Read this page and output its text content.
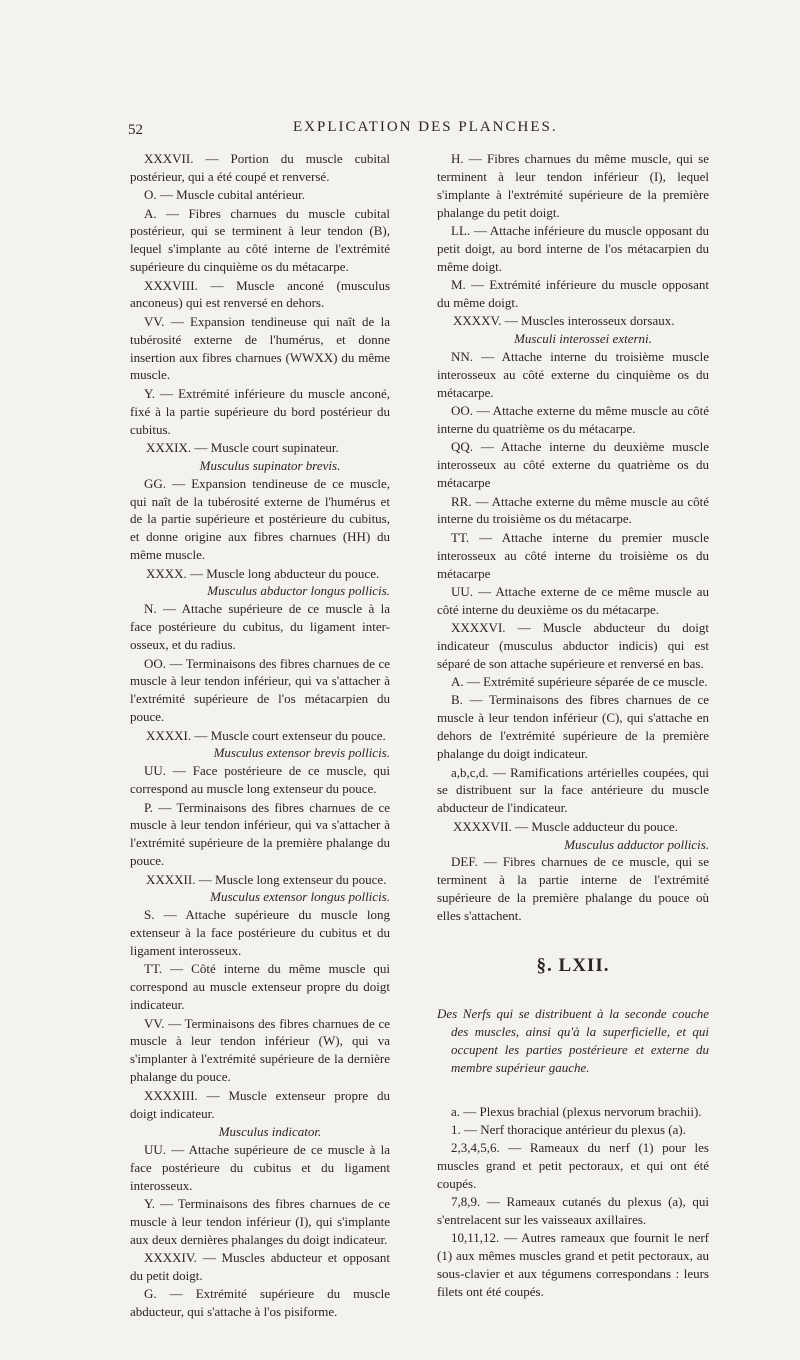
52	EXPLICATION DES PLANCHES.

XXXVII. — Portion du muscle cubital postérieur, qui a été coupé et renversé.

O. — Muscle cubital antérieur.

A. — Fibres charnues du muscle cubital postérieur, qui se terminent à leur tendon (B), lequel s'implante au côté interne de l'extrémité supérieure du cinquième os du métacarpe.

XXXVIII. — Muscle anconé (musculus anconeus) qui est renversé en dehors.

VV. — Expansion tendineuse qui naît de la tubérosité externe de l'humérus, et donne insertion aux fibres charnues (WWXX) du même muscle.

Y. — Extrémité inférieure du muscle anconé, fixé à la partie supérieure du bord postérieur du cubitus.

XXXIX. — Muscle court supinateur.

Musculus supinator brevis.

GG. — Expansion tendineuse de ce muscle, qui naît de la tubérosité externe de l'humérus et de la partie supérieure et postérieure du cubitus, et donne origine aux fibres charnues (HH) du même muscle.

XXXX. — Muscle long abducteur du pouce.

Musculus abductor longus pollicis.

N. — Attache supérieure de ce muscle à la face postérieure du cubitus, du ligament inter-osseux, et du radius.

OO. — Terminaisons des fibres charnues de ce muscle à leur tendon inférieur, qui va s'attacher à l'extrémité supérieure de l'os métacarpien du pouce.

XXXXI. — Muscle court extenseur du pouce.

Musculus extensor brevis pollicis.

UU. — Face postérieure de ce muscle, qui correspond au muscle long extenseur du pouce.

P. — Terminaisons des fibres charnues de ce muscle à leur tendon inférieur, qui va s'attacher à l'extrémité supérieure de la première phalange du pouce.

XXXXII. — Muscle long extenseur du pouce.

Musculus extensor longus pollicis.

S. — Attache supérieure du muscle long extenseur à la face postérieure du cubitus et du ligament interosseux.

TT. — Côté interne du même muscle qui correspond au muscle extenseur propre du doigt indicateur.

VV. — Terminaisons des fibres charnues de ce muscle à leur tendon inférieur (W), qui va s'implanter à l'extrémité supérieure de la dernière phalange du pouce.

XXXXIII. — Muscle extenseur propre du doigt indicateur.

Musculus indicator.

UU. — Attache supérieure de ce muscle à la face postérieure du cubitus et du ligament interosseux.

Y. — Terminaisons des fibres charnues de ce muscle à leur tendon inférieur (I), qui s'implante aux deux dernières phalanges du doigt indicateur.

XXXXIV. — Muscles abducteur et opposant du petit doigt.

G. — Extrémité supérieure du muscle abducteur, qui s'attache à l'os pisiforme.

H. — Fibres charnues du même muscle, qui se terminent à leur tendon inférieur (I), lequel s'implante à l'extrémité supérieure de la première phalange du petit doigt.

LL. — Attache inférieure du muscle opposant du petit doigt, au bord interne de l'os métacarpien du même doigt.

M. — Extrémité inférieure du muscle opposant du même doigt.

XXXXV. — Muscles interosseux dorsaux.

Musculi interossei externi.

NN. — Attache interne du troisième muscle interosseux au côté externe du cinquième os du métacarpe.

OO. — Attache externe du même muscle au côté interne du quatrième os du métacarpe.

QQ. — Attache interne du deuxième muscle interosseux au côté externe du quatrième os du métacarpe

RR. — Attache externe du même muscle au côté interne du troisième os du métacarpe.

TT. — Attache interne du premier muscle interosseux au côté interne du troisième os du métacarpe

UU. — Attache externe de ce même muscle au côté interne du deuxième os du métacarpe.

XXXXVI. — Muscle abducteur du doigt indicateur (musculus abductor indicis) qui est séparé de son attache supérieure et renversé en bas.

A. — Extrémité supérieure séparée de ce muscle.

B. — Terminaisons des fibres charnues de ce muscle à leur tendon inférieur (C), qui s'attache en dehors de l'extrémité supérieure de la première phalange du doigt indicateur.

a,b,c,d. — Ramifications artérielles coupées, qui se distribuent sur la face antérieure du muscle abducteur de l'indicateur.

XXXXVII. — Muscle adducteur du pouce.

Musculus adductor pollicis.

DEF. — Fibres charnues de ce muscle, qui se terminent à la partie interne de l'extrémité supérieure de la première phalange du pouce où elles s'attachent.

§. LXII.

Des Nerfs qui se distribuent à la seconde couche des muscles, ainsi qu'à la superficielle, et qui occupent les parties postérieure et externe du membre supérieur gauche.

a. — Plexus brachial (plexus nervorum brachii).

1. — Nerf thoracique antérieur du plexus (a).

2,3,4,5,6. — Rameaux du nerf (1) pour les muscles grand et petit pectoraux, et qui ont été coupés.

7,8,9. — Rameaux cutanés du plexus (a), qui s'entrelacent sur les vaisseaux axillaires.

10,11,12. — Autres rameaux que fournit le nerf (1) aux mêmes muscles grand et petit pectoraux, au sous-clavier et aux tégumens correspondans : leurs filets ont été coupés.
